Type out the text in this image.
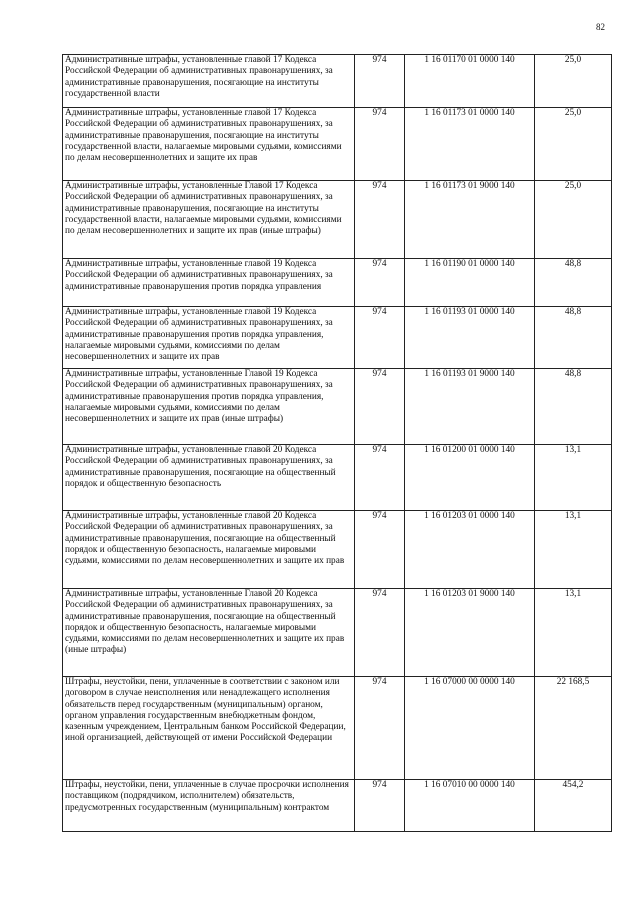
82
Административные штрафы, установленные главой 17 Кодекса Российской Федерации об административных правонарушениях, за административные правонарушения, посягающие на институты государственной власти	974	1 16 01170 01 0000 140	25,0
Административные штрафы, установленные главой 17 Кодекса Российской Федерации об административных правонарушениях, за административные правонарушения, посягающие на институты государственной власти, налагаемые мировыми судьями, комиссиями по делам несовершеннолетних и защите их прав	974	1 16 01173 01 0000 140	25,0
Административные штрафы, установленные Главой 17 Кодекса Российской Федерации об административных правонарушениях, за административные правонарушения, посягающие на институты государственной власти, налагаемые мировыми судьями, комиссиями по делам несовершеннолетних и защите их прав (иные штрафы)	974	1 16 01173 01 9000 140	25,0
Административные штрафы, установленные главой 19 Кодекса Российской Федерации об административных правонарушениях, за административные правонарушения против порядка управления	974	1 16 01190 01 0000 140	48,8
Административные штрафы, установленные главой 19 Кодекса Российской Федерации об административных правонарушениях, за административные правонарушения против порядка управления, налагаемые мировыми судьями, комиссиями по делам несовершеннолетних и защите их прав	974	1 16 01193 01 0000 140	48,8
Административные штрафы, установленные Главой 19 Кодекса Российской Федерации об административных правонарушениях, за административные правонарушения против порядка управления, налагаемые мировыми судьями, комиссиями по делам несовершеннолетних и защите их прав (иные штрафы)	974	1 16 01193 01 9000 140	48,8
Административные штрафы, установленные главой 20 Кодекса Российской Федерации об административных правонарушениях, за административные правонарушения, посягающие на общественный порядок и общественную безопасность	974	1 16 01200 01 0000 140	13,1
Административные штрафы, установленные главой 20 Кодекса Российской Федерации об административных правонарушениях, за административные правонарушения, посягающие на общественный порядок и общественную безопасность, налагаемые мировыми судьями, комиссиями по делам несовершеннолетних и защите их прав	974	1 16 01203 01 0000 140	13,1
Административные штрафы, установленные Главой 20 Кодекса Российской Федерации об административных правонарушениях, за административные правонарушения, посягающие на общественный порядок и общественную безопасность, налагаемые мировыми судьями, комиссиями по делам несовершеннолетних и защите их прав (иные штрафы)	974	1 16 01203 01 9000 140	13,1
Штрафы, неустойки, пени, уплаченные в соответствии с законом или договором в случае неисполнения или ненадлежащего исполнения обязательств перед государственным (муниципальным) органом, органом управления государственным внебюджетным фондом, казенным учреждением, Центральным банком Российской Федерации, иной организацией, действующей от имени Российской Федерации	974	1 16 07000 00 0000 140	22 168,5
Штрафы, неустойки, пени, уплаченные в случае просрочки исполнения поставщиком (подрядчиком, исполнителем) обязательств, предусмотренных государственным (муниципальным) контрактом	974	1 16 07010 00 0000 140	454,2
